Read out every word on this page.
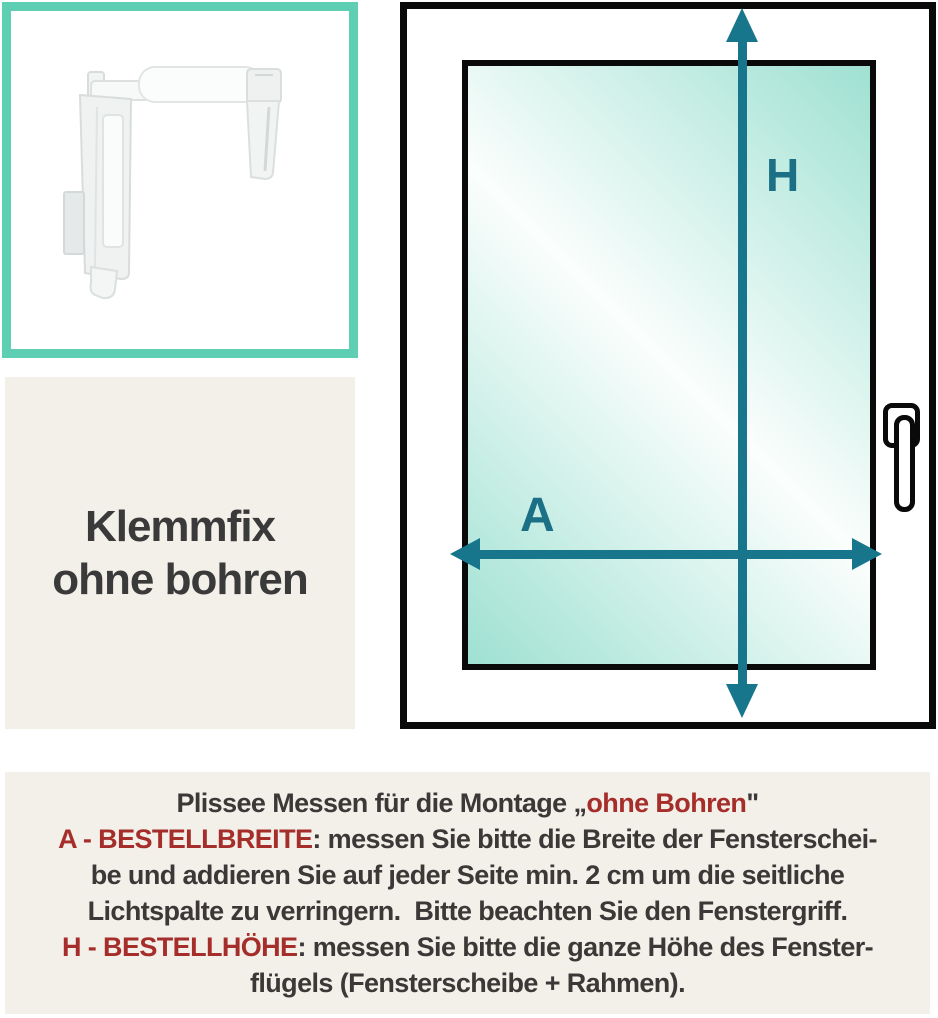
Klemmfix
ohne bohren
H
A
Plissee Messen für die Montage „ohne Bohren"
A - BESTELLBREITE: messen Sie bitte die Breite der Fensterschei-
be und addieren Sie auf jeder Seite min. 2 cm um die seitliche
Lichtspalte zu verringern.  Bitte beachten Sie den Fenstergriff.
H - BESTELLHÖHE: messen Sie bitte die ganze Höhe des Fenster-
flügels (Fensterscheibe + Rahmen).
